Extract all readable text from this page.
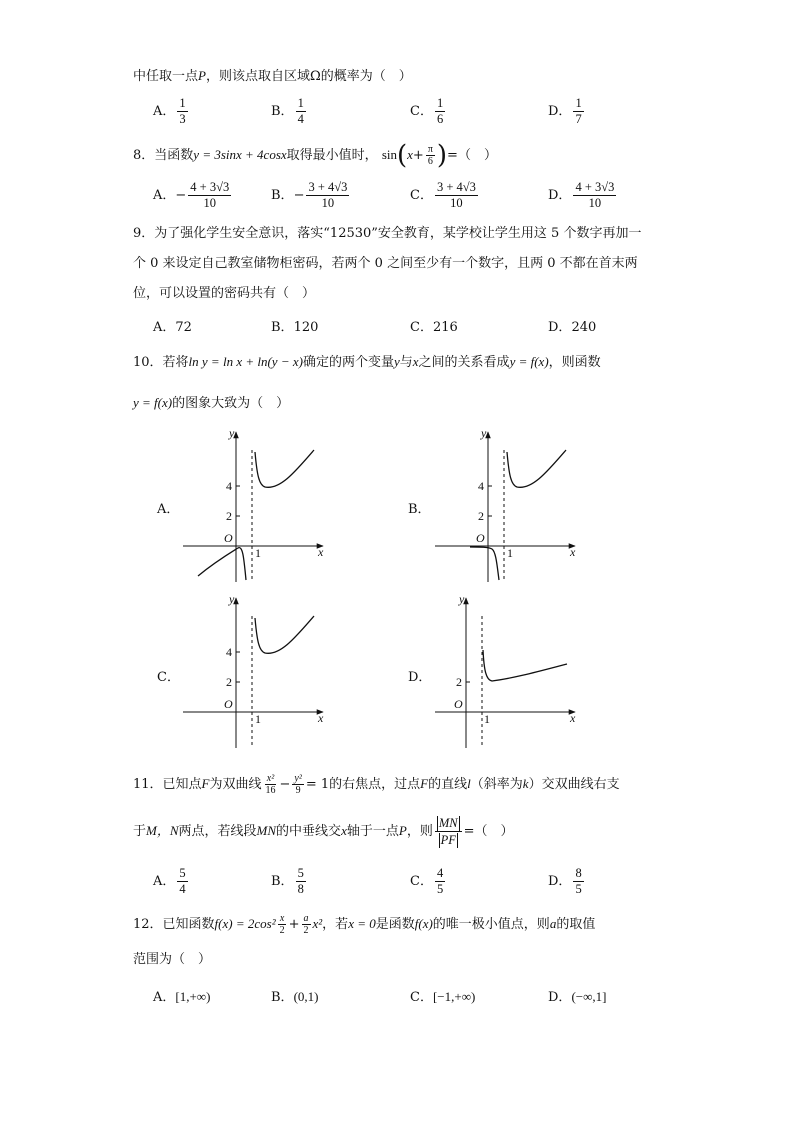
中任取一点P，则该点取自区域Ω的概率为（　）
A． $\frac{1}{3}$	B． $\frac{1}{4}$	C． $\frac{1}{6}$	D． $\frac{1}{7}$
8．当函数y = 3sinx + 4cosx取得最小值时， $\sin(x+ \frac{\pi}{6}$ )=（　）
A．− $\frac{4 + 3√3}{10}$	B．− $\frac{3 + 4√3}{10}$	C． $\frac{3 + 4√3}{10}$	D． $\frac{4 + 3√3}{10}$
9．为了强化学生安全意识，落实“12530”安全教育，某学校让学生用这 5 个数字再加一
个 0 来设定自己教室储物柜密码，若两个 0 之间至少有一个数字，且两 0 不都在首末两
位，可以设置的密码共有（　）
A．72	B．120	C．216	D．240
10．若将ln y = ln x + ln(y − x)确定的两个变量y与x之间的关系看成y = f(x)，则函数
y = f(x)的图象大致为（　）
A．	B．
C．	D．
y
x
O
1
2
4
y
x
O
1
2
4
y
x
O
1
2
4
y
x
O
1
2
11．已知点F为双曲线 $\frac{\text{x²}}{16} - \frac{\text{y²}}{9} = 1$的右焦点，过点F的直线l（斜率为k）交双曲线右支
于M，N两点，若线段MN的中垂线交x轴于一点P，则 $\frac{MN}{PF}$ =（　）
A． $\frac{5}{4}$	B． $\frac{5}{8}$	C． $\frac{4}{5}$	D． $\frac{8}{5}$
12．已知函数$f(x) = 2\cos^2 \frac{x}{2} + \frac{a}{2} x^2$，若x = 0是函数f(x)的唯一极小值点，则a的取值
范围为（　）
A．[1,+∞)	B．(0,1)	C．[−1,+∞)	D．(−∞,1]
